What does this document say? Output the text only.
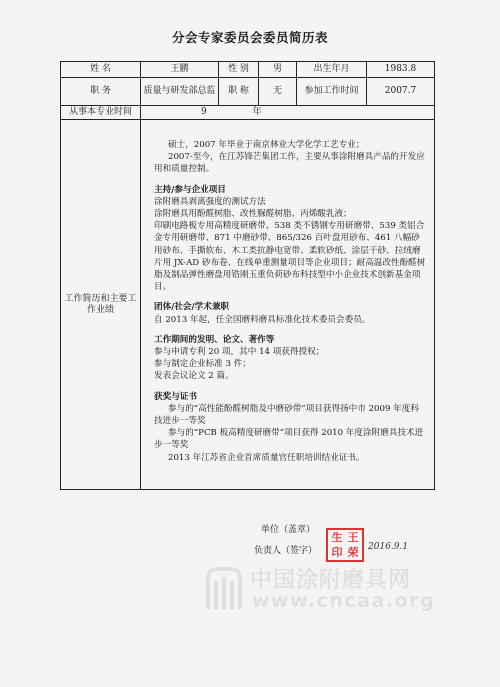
分会专家委员会委员简历表
姓 名	王鹏	性 别	男	出生年月	1983.8
职 务	质量与研发部总监	职 称	无	参加工作时间	2007.7
从事本专业时间	9 年				
工作简历和主要工作业绩					

硕士，2007 年毕业于南京林业大学化学工艺专业；

2007-至今，在江苏锋芒集团工作，主要从事涂附磨具产品的开发应用和质量控制。

主持/参与企业项目

涂附磨具剥离强度的测试方法

涂附磨具用酚醛树脂、改性脲醛树脂、丙烯酸乳液；

印刷电路板专用高精度研磨带、538 类不锈钢专用研磨带、539 类铝合金专用研磨带、871 中磨砂带、865/326 百叶盘用砂布、461 八幅砂用砂布、手撕软布、木工类抗静电宽带、柔软砂纸、涂层干砂、拉绒磨片用 JX-AD 砂布卷、在线单重测量项目等企业项目；耐高温改性酚醛树脂及制品弹性磨盘用锆刚玉重负荷砂布科技型中小企业技术创新基金项目。

团体/社会/学术兼职

自 2013 年起，任全国磨料磨具标准化技术委员会委员。

工作期间的发明、论文、著作等

参与申请专利 20 项，其中 14 项获得授权；

参与制定企业标准 3 件；

发表会议论文 2 篇。

获奖与证书

参与的“高性能酚醛树脂及中磨砂带”项目获得扬中市 2009 年度科技进步一等奖

参与的“PCB 板高精度研磨带”项目获得 2010 年度涂附磨具技术进步一等奖

2013 年江苏省企业首席质量官任职培训结业证书。

单位（盖章）
负责人（签字）	2016.9.1
生 王
印 荣
中国涂附磨具网
www.cncaa.org
